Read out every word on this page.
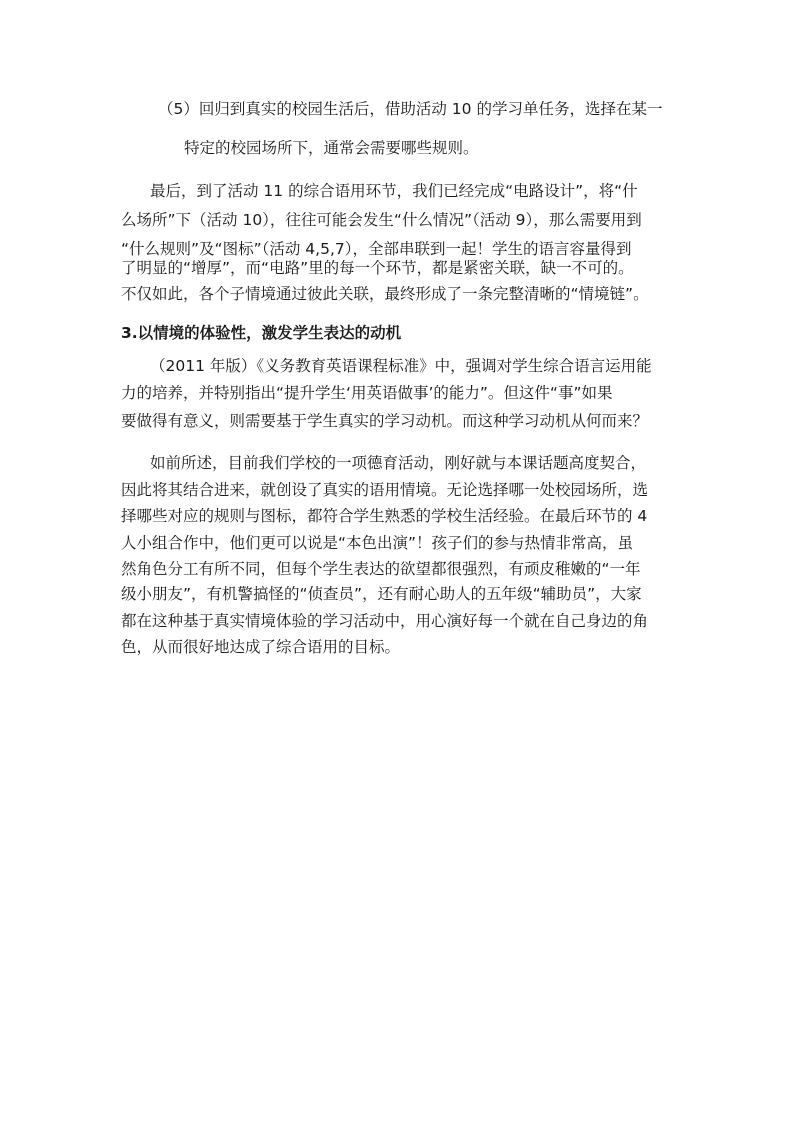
（5）回归到真实的校园生活后，借助活动 10 的学习单任务，选择在某一

特定的校园场所下，通常会需要哪些规则。

最后，到了活动 11 的综合语用环节，我们已经完成“电路设计”，将“什

么场所”下（活动 10），往往可能会发生“什么情况”（活动 9），那么需要用到

“什么规则”及“图标”（活动 4,5,7），全部串联到一起！学生的语言容量得到

了明显的“增厚”，而“电路”里的每一个环节，都是紧密关联，缺一不可的。

不仅如此，各个子情境通过彼此关联，最终形成了一条完整清晰的“情境链”。

3.以情境的体验性，激发学生表达的动机

（2011 年版）《义务教育英语课程标准》中，强调对学生综合语言运用能

力的培养，并特别指出“提升学生‘用英语做事’的能力”。但这件“事”如果

要做得有意义，则需要基于学生真实的学习动机。而这种学习动机从何而来？

如前所述，目前我们学校的一项德育活动，刚好就与本课话题高度契合，

因此将其结合进来，就创设了真实的语用情境。无论选择哪一处校园场所，选

择哪些对应的规则与图标，都符合学生熟悉的学校生活经验。在最后环节的 4

人小组合作中，他们更可以说是“本色出演”！孩子们的参与热情非常高，虽

然角色分工有所不同，但每个学生表达的欲望都很强烈，有顽皮稚嫩的“一年

级小朋友”，有机警搞怪的“侦查员”，还有耐心助人的五年级“辅助员”，大家

都在这种基于真实情境体验的学习活动中，用心演好每一个就在自己身边的角

色，从而很好地达成了综合语用的目标。
